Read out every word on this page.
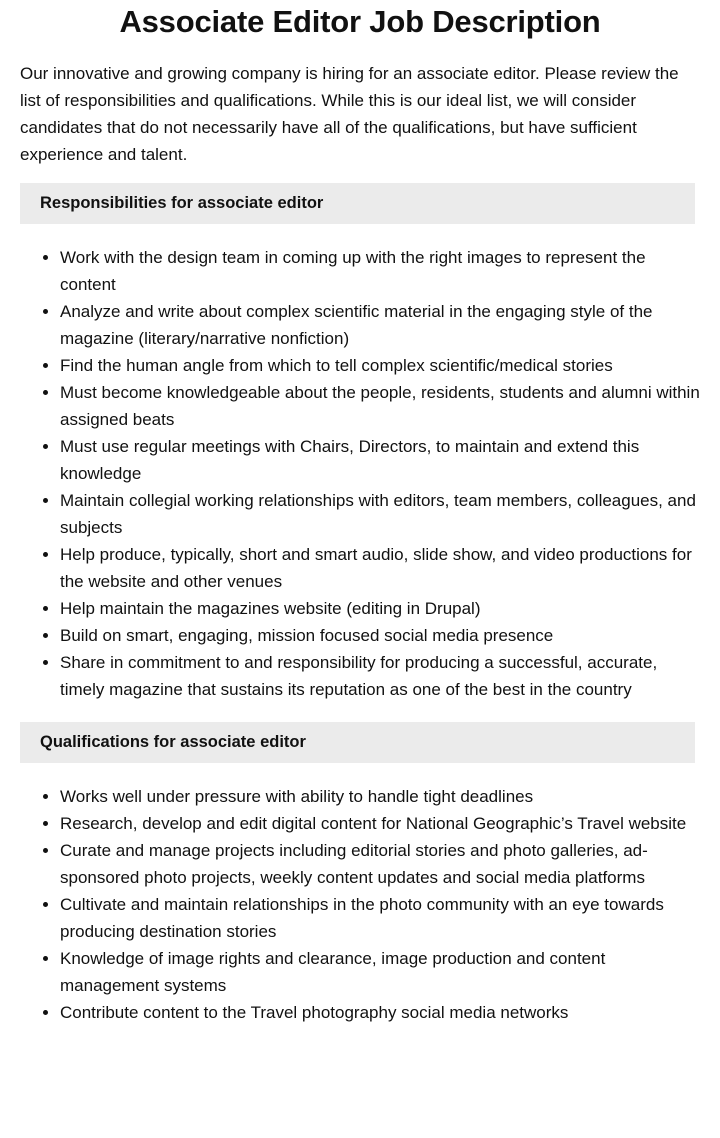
Associate Editor Job Description

Our innovative and growing company is hiring for an associate editor. Please review the list of responsibilities and qualifications. While this is our ideal list, we will consider candidates that do not necessarily have all of the qualifications, but have sufficient experience and talent.

Responsibilities for associate editor
• Work with the design team in coming up with the right images to represent the content
• Analyze and write about complex scientific material in the engaging style of the magazine (literary/narrative nonfiction)
• Find the human angle from which to tell complex scientific/medical stories
• Must become knowledgeable about the people, residents, students and alumni within assigned beats
• Must use regular meetings with Chairs, Directors, to maintain and extend this knowledge
• Maintain collegial working relationships with editors, team members, colleagues, and subjects
• Help produce, typically, short and smart audio, slide show, and video productions for the website and other venues
• Help maintain the magazines website (editing in Drupal)
• Build on smart, engaging, mission focused social media presence
• Share in commitment to and responsibility for producing a successful, accurate, timely magazine that sustains its reputation as one of the best in the country
Qualifications for associate editor
• Works well under pressure with ability to handle tight deadlines
• Research, develop and edit digital content for National Geographic’s Travel website
• Curate and manage projects including editorial stories and photo galleries, ad-sponsored photo projects, weekly content updates and social media platforms
• Cultivate and maintain relationships in the photo community with an eye towards producing destination stories
• Knowledge of image rights and clearance, image production and content management systems
• Contribute content to the Travel photography social media networks
